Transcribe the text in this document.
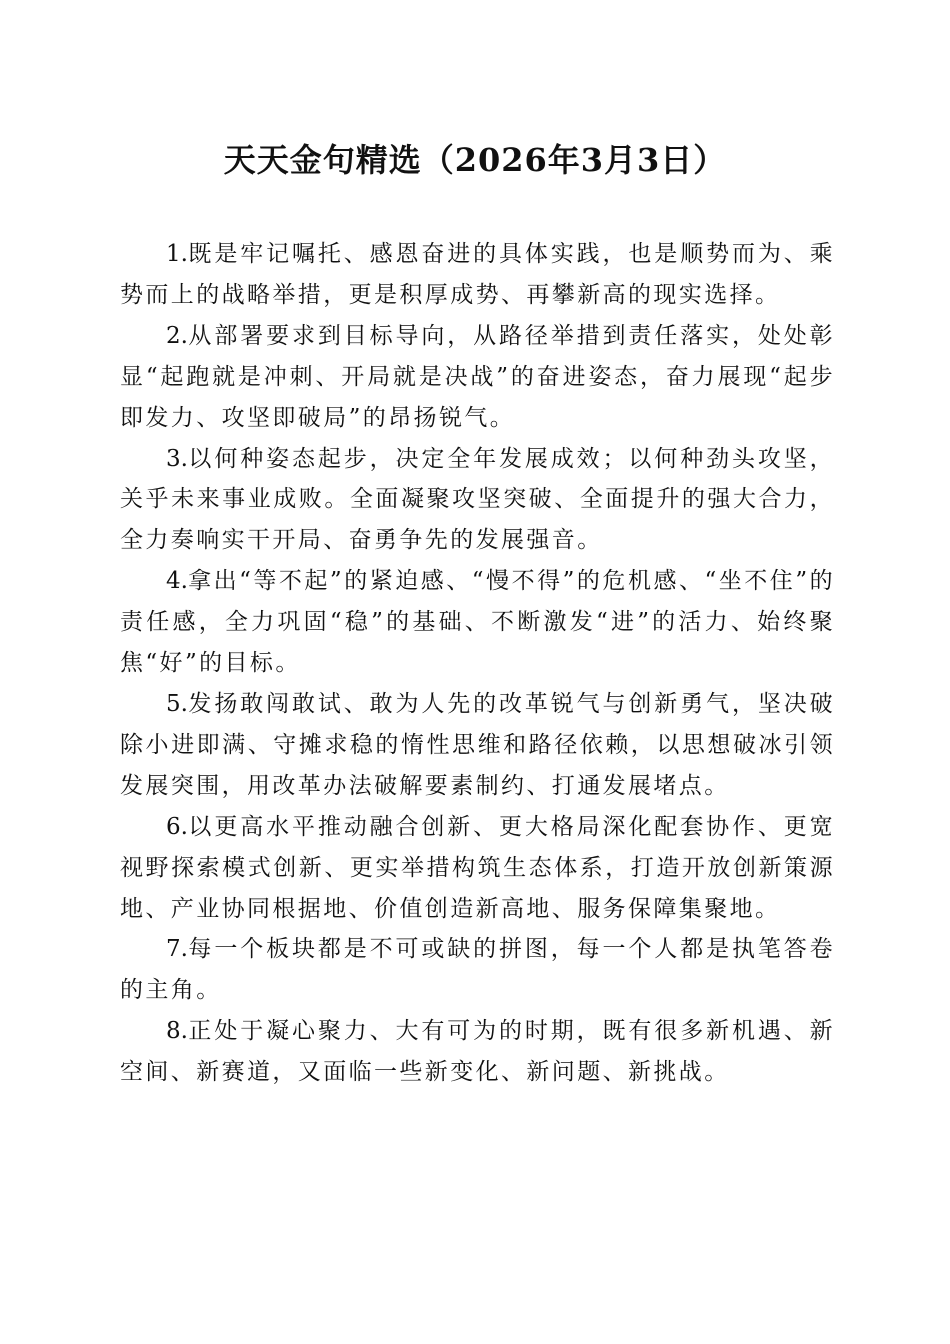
天天金句精选（2026年3月3日）

1.既是牢记嘱托、感恩奋进的具体实践，也是顺势而为、乘势而上的战略举措，更是积厚成势、再攀新高的现实选择。

2.从部署要求到目标导向，从路径举措到责任落实，处处彰显“起跑就是冲刺、开局就是决战”的奋进姿态，奋力展现“起步即发力、攻坚即破局”的昂扬锐气。

3.以何种姿态起步，决定全年发展成效；以何种劲头攻坚，关乎未来事业成败。全面凝聚攻坚突破、全面提升的强大合力，全力奏响实干开局、奋勇争先的发展强音。

4.拿出“等不起”的紧迫感、“慢不得”的危机感、“坐不住”的责任感，全力巩固“稳”的基础、不断激发“进”的活力、始终聚焦“好”的目标。

5.发扬敢闯敢试、敢为人先的改革锐气与创新勇气，坚决破除小进即满、守摊求稳的惰性思维和路径依赖，以思想破冰引领发展突围，用改革办法破解要素制约、打通发展堵点。

6.以更高水平推动融合创新、更大格局深化配套协作、更宽视野探索模式创新、更实举措构筑生态体系，打造开放创新策源地、产业协同根据地、价值创造新高地、服务保障集聚地。

7.每一个板块都是不可或缺的拼图，每一个人都是执笔答卷的主角。

8.正处于凝心聚力、大有可为的时期，既有很多新机遇、新空间、新赛道，又面临一些新变化、新问题、新挑战。
